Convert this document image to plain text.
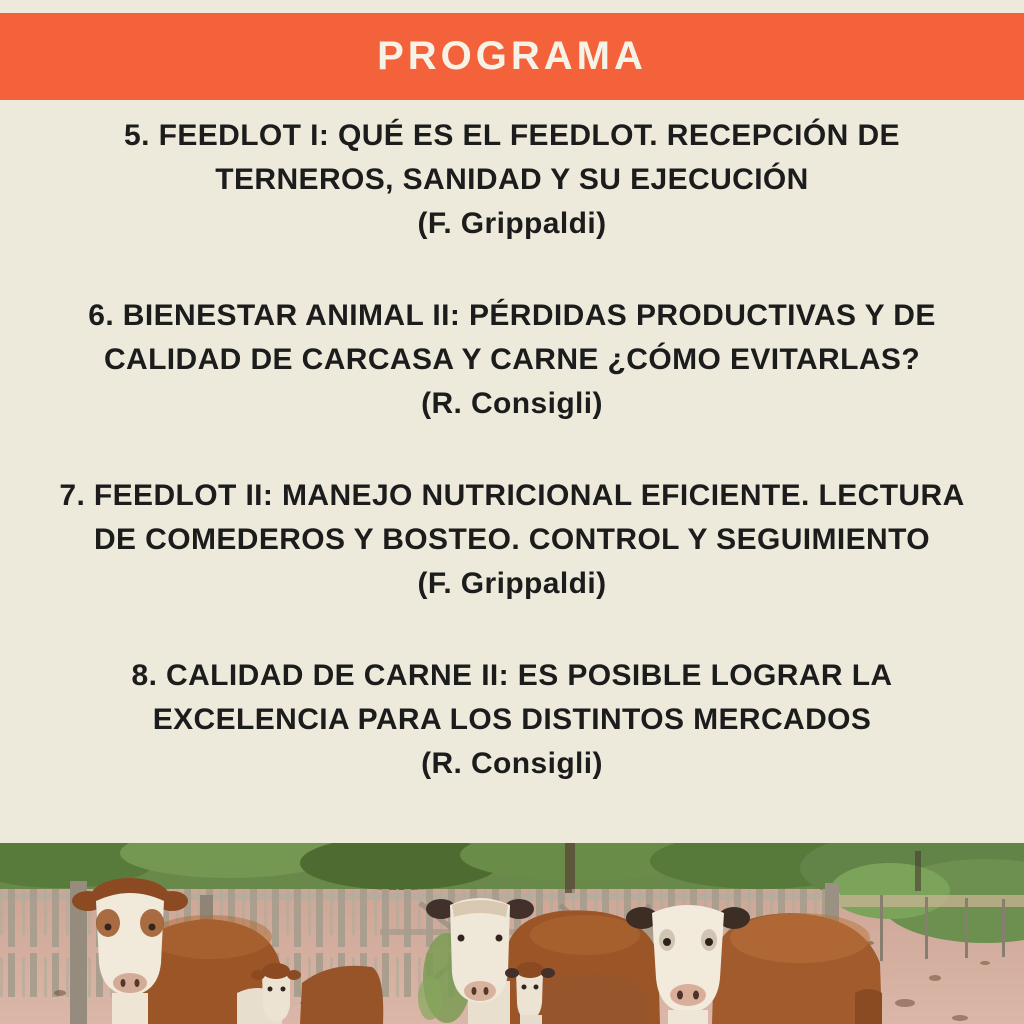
PROGRAMA

5. FEEDLOT I: QUÉ ES EL FEEDLOT. RECEPCIÓN DE

TERNEROS, SANIDAD Y SU EJECUCIÓN

(F. Grippaldi)

6. BIENESTAR ANIMAL II: PÉRDIDAS PRODUCTIVAS Y DE

CALIDAD DE CARCASA Y CARNE ¿CÓMO EVITARLAS?

(R. Consigli)

7. FEEDLOT II: MANEJO NUTRICIONAL EFICIENTE. LECTURA

DE COMEDEROS Y BOSTEO. CONTROL Y SEGUIMIENTO

(F. Grippaldi)

8. CALIDAD DE CARNE II: ES POSIBLE LOGRAR LA

EXCELENCIA PARA LOS DISTINTOS MERCADOS

(R. Consigli)
